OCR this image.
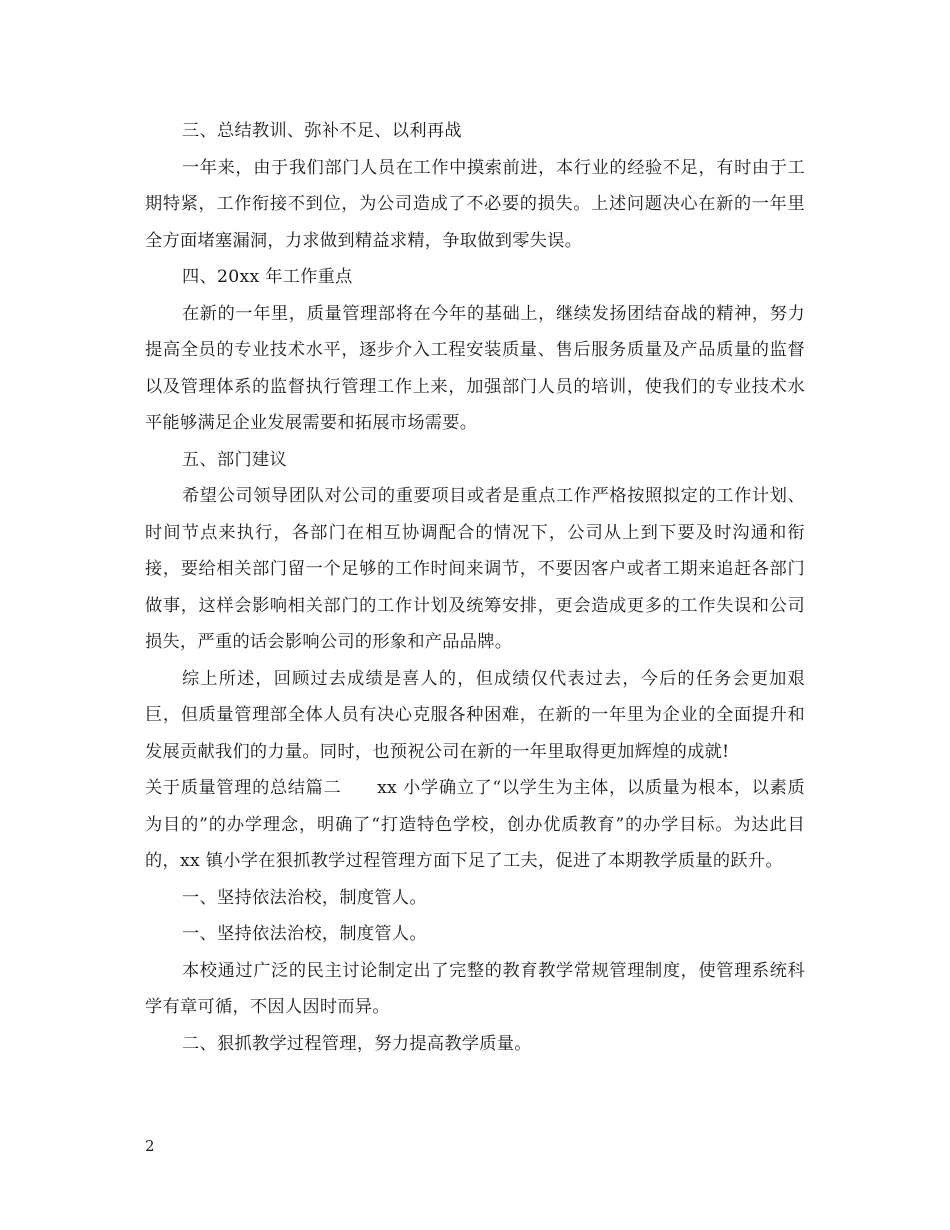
三、总结教训、弥补不足、以利再战

一年来，由于我们部门人员在工作中摸索前进，本行业的经验不足，有时由于工期特紧，工作衔接不到位，为公司造成了不必要的损失。上述问题决心在新的一年里全方面堵塞漏洞，力求做到精益求精，争取做到零失误。

四、20xx 年工作重点

在新的一年里，质量管理部将在今年的基础上，继续发扬团结奋战的精神，努力提高全员的专业技术水平，逐步介入工程安装质量、售后服务质量及产品质量的监督以及管理体系的监督执行管理工作上来，加强部门人员的培训，使我们的专业技术水平能够满足企业发展需要和拓展市场需要。

五、部门建议

希望公司领导团队对公司的重要项目或者是重点工作严格按照拟定的工作计划、时间节点来执行，各部门在相互协调配合的情况下，公司从上到下要及时沟通和衔接，要给相关部门留一个足够的工作时间来调节，不要因客户或者工期来追赶各部门做事，这样会影响相关部门的工作计划及统筹安排，更会造成更多的工作失误和公司损失，严重的话会影响公司的形象和产品品牌。

综上所述，回顾过去成绩是喜人的，但成绩仅代表过去，今后的任务会更加艰巨，但质量管理部全体人员有决心克服各种困难，在新的一年里为企业的全面提升和发展贡献我们的力量。同时，也预祝公司在新的一年里取得更加辉煌的成就!

关于质量管理的总结篇二　　xx 小学确立了“以学生为主体，以质量为根本，以素质为目的”的办学理念，明确了“打造特色学校，创办优质教育”的办学目标。为达此目的，xx 镇小学在狠抓教学过程管理方面下足了工夫，促进了本期教学质量的跃升。

一、坚持依法治校，制度管人。

一、坚持依法治校，制度管人。

本校通过广泛的民主讨论制定出了完整的教育教学常规管理制度，使管理系统科学有章可循，不因人因时而异。

二、狠抓教学过程管理，努力提高教学质量。

2
